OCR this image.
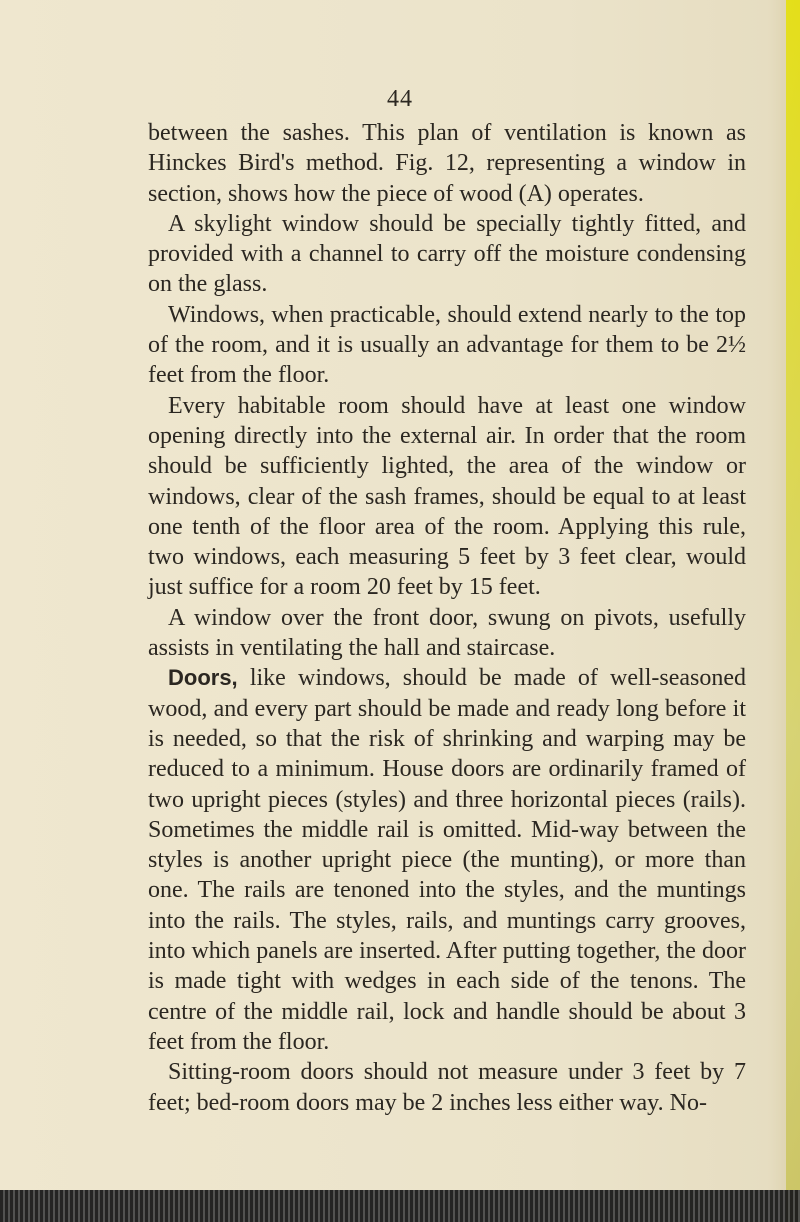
44

between the sashes. This plan of ventilation is known as Hinckes Bird's method. Fig. 12, representing a window in section, shows how the piece of wood (A) operates.

A skylight window should be specially tightly fitted, and provided with a channel to carry off the moisture condensing on the glass.

Windows, when practicable, should extend nearly to the top of the room, and it is usually an advantage for them to be 2½ feet from the floor.

Every habitable room should have at least one window opening directly into the external air. In order that the room should be sufficiently lighted, the area of the window or windows, clear of the sash frames, should be equal to at least one tenth of the floor area of the room. Applying this rule, two windows, each measuring 5 feet by 3 feet clear, would just suffice for a room 20 feet by 15 feet.

A window over the front door, swung on pivots, usefully assists in ventilating the hall and staircase.

Doors, like windows, should be made of well-seasoned wood, and every part should be made and ready long before it is needed, so that the risk of shrinking and warping may be reduced to a minimum. House doors are ordinarily framed of two upright pieces (styles) and three horizontal pieces (rails). Sometimes the middle rail is omitted. Mid-way between the styles is another upright piece (the munting), or more than one. The rails are tenoned into the styles, and the muntings into the rails. The styles, rails, and muntings carry grooves, into which panels are inserted. After putting together, the door is made tight with wedges in each side of the tenons. The centre of the middle rail, lock and handle should be about 3 feet from the floor.

Sitting-room doors should not measure under 3 feet by 7 feet; bed-room doors may be 2 inches less either way. No-
